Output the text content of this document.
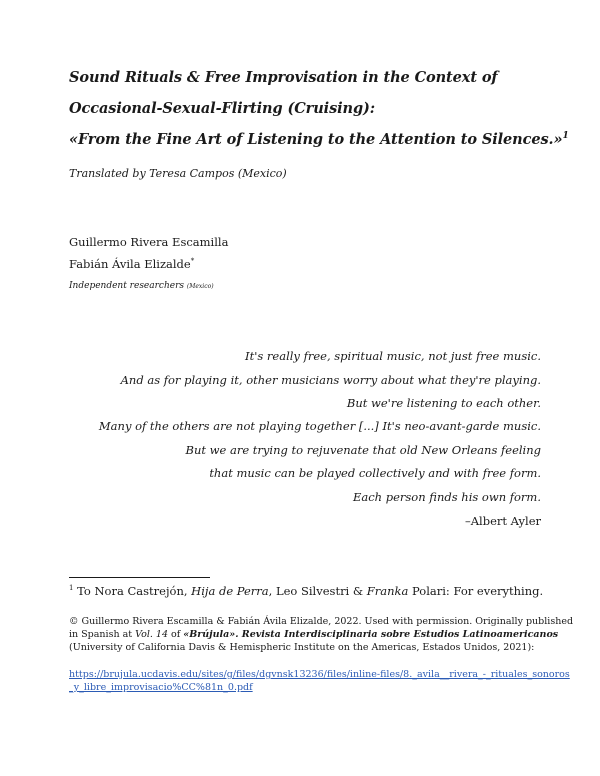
Sound Rituals & Free Improvisation in the Context of
Occasional-Sexual-Flirting (Cruising):
«From the Fine Art of Listening to the Attention to Silences.»$^1$
Translated by Teresa Campos (Mexico)
Guillermo Rivera Escamilla
Fabián Ávila Elizalde*
Independent researchers (Mexico)
It's really free, spiritual music, not just free music.
And as for playing it, other musicians worry about what they're playing.
But we're listening to each other.
Many of the others are not playing together [...] It's neo-avant-garde music.
But we are trying to rejuvenate that old New Orleans feeling
that music can be played collectively and with free form.
Each person finds his own form.
–Albert Ayler
$^1$ To Nora Castrejón, Hija de Perra, Leo Silvestri & Franka Polari: For everything.
© Guillermo Rivera Escamilla & Fabián Ávila Elizalde, 2022. Used with permission. Originally published
in Spanish at Vol. 14 of «Brújula». Revista Interdisciplinaria sobre Estudios Latinoamericanos
(University of California Davis & Hemispheric Institute on the Americas, Estados Unidos, 2021):
https://brujula.ucdavis.edu/sites/g/files/dgvnsk13236/files/inline-files/8._avila__rivera_-_rituales_sonoros
_y_libre_improvisacio%CC%81n_0.pdf
